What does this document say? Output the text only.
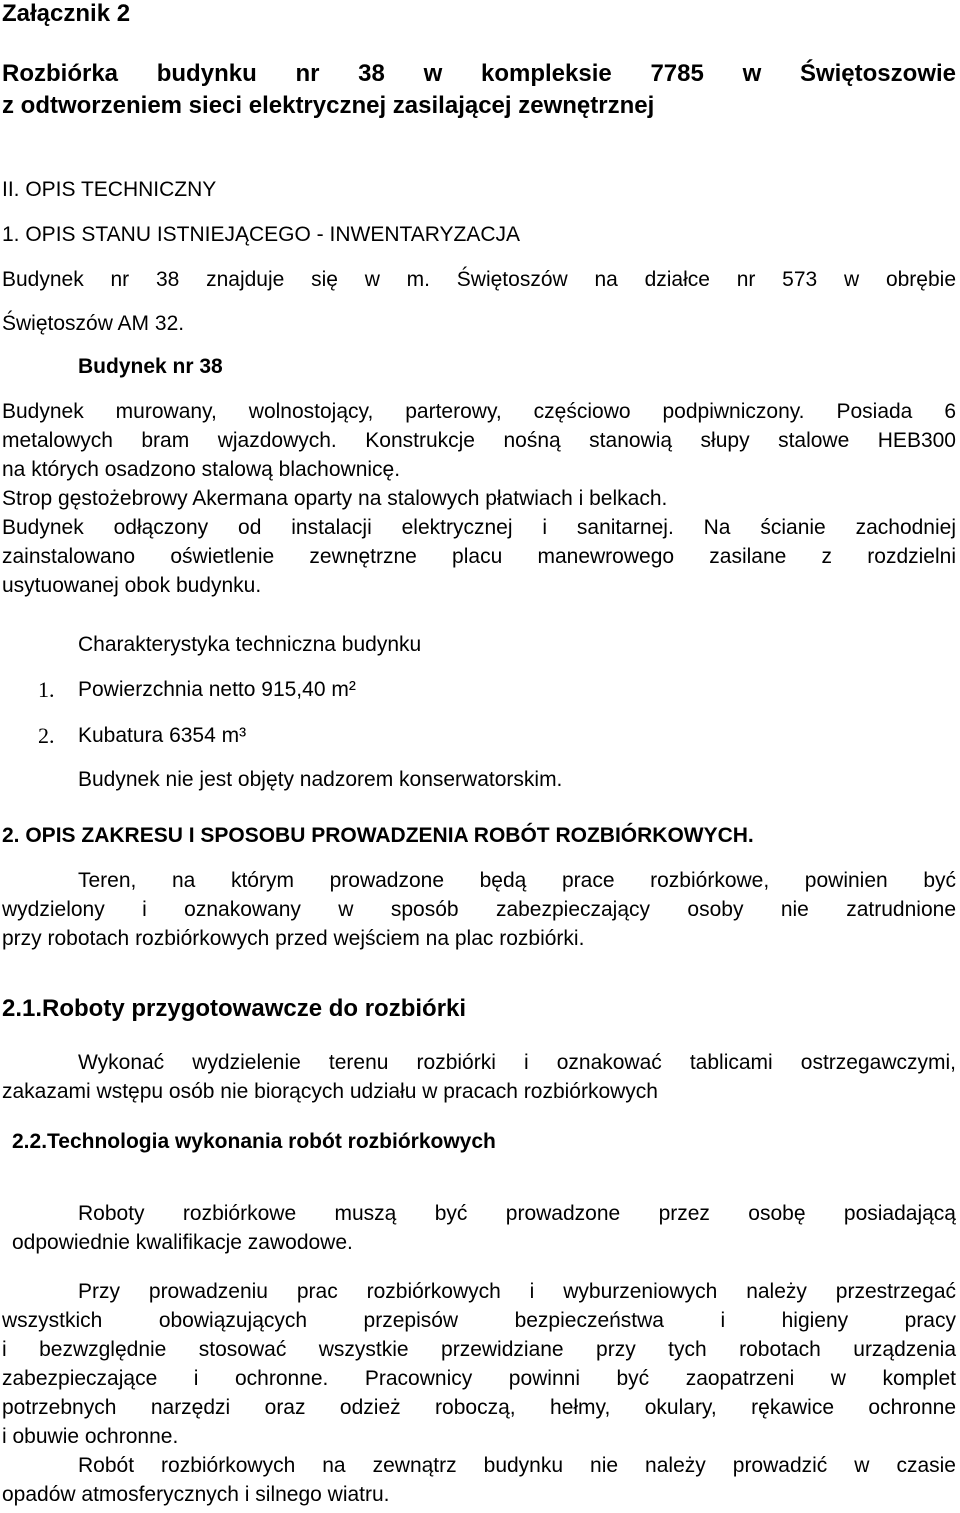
Załącznik 2
Rozbiórka budynku nr 38 w kompleksie 7785 w Świętoszowie
z odtworzeniem sieci elektrycznej zasilającej zewnętrznej
II. OPIS TECHNICZNY
1. OPIS STANU ISTNIEJĄCEGO - INWENTARYZACJA
Budynek nr 38 znajduje się w m. Świętoszów na działce nr 573 w obrębie
Świętoszów AM 32.
Budynek nr 38
Budynek murowany, wolnostojący, parterowy, częściowo podpiwniczony. Posiada 6
metalowych bram wjazdowych. Konstrukcje nośną stanowią słupy stalowe HEB300
na których osadzono stalową blachownicę.
Strop gęstożebrowy Akermana oparty na stalowych płatwiach i belkach.
Budynek odłączony od instalacji elektrycznej i sanitarnej. Na ścianie zachodniej
zainstalowano oświetlenie zewnętrzne placu manewrowego zasilane z rozdzielni
usytuowanej obok budynku.
Charakterystyka techniczna budynku
1. Powierzchnia netto 915,40 m²
2. Kubatura 6354 m³
Budynek nie jest objęty nadzorem konserwatorskim.
2. OPIS ZAKRESU I SPOSOBU PROWADZENIA ROBÓT ROZBIÓRKOWYCH.
Teren, na którym prowadzone będą prace rozbiórkowe, powinien być
wydzielony i oznakowany w sposób zabezpieczający osoby nie zatrudnione
przy robotach rozbiórkowych przed wejściem na plac rozbiórki.
2.1.Roboty przygotowawcze do rozbiórki
Wykonać wydzielenie terenu rozbiórki i oznakować tablicami ostrzegawczymi,
zakazami wstępu osób nie biorących udziału w pracach rozbiórkowych
2.2.Technologia wykonania robót rozbiórkowych
Roboty rozbiórkowe muszą być prowadzone przez osobę posiadającą
odpowiednie kwalifikacje zawodowe.
Przy prowadzeniu prac rozbiórkowych i wyburzeniowych należy przestrzegać
wszystkich obowiązujących przepisów bezpieczeństwa i higieny pracy
i bezwzględnie stosować wszystkie przewidziane przy tych robotach urządzenia
zabezpieczające i ochronne. Pracownicy powinni być zaopatrzeni w komplet
potrzebnych narzędzi oraz odzież roboczą, hełmy, okulary, rękawice ochronne
i obuwie ochronne.
Robót rozbiórkowych na zewnątrz budynku nie należy prowadzić w czasie
opadów atmosferycznych i silnego wiatru.
